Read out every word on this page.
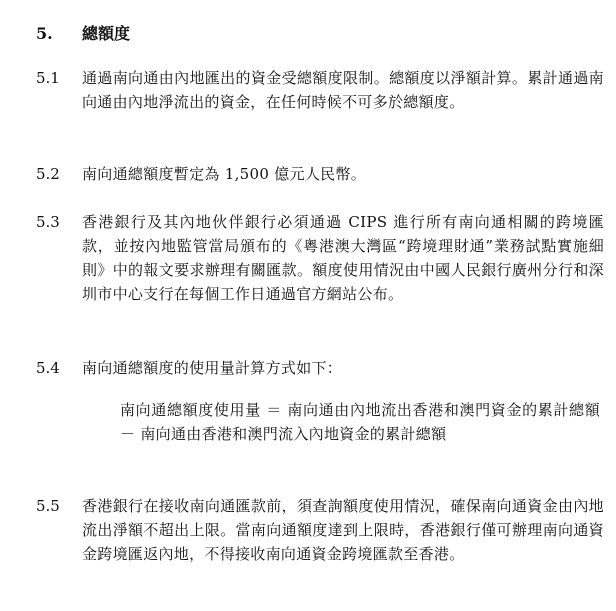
5. 總額度
5.1 通過南向通由內地匯出的資金受總額度限制。總額度以淨額計算。累計通過南向通由內地淨流出的資金，在任何時候不可多於總額度。
5.2 南向通總額度暫定為 1,500 億元人民幣。
5.3 香港銀行及其內地伙伴銀行必須通過 CIPS 進行所有南向通相關的跨境匯款，並按內地監管當局頒布的《粵港澳大灣區“跨境理財通”業務試點實施細則》中的報文要求辦理有關匯款。額度使用情況由中國人民銀行廣州分行和深圳市中心支行在每個工作日通過官方網站公布。
5.4 南向通總額度的使用量計算方式如下：
南向通總額度使用量 ＝ 南向通由內地流出香港和澳門資金的累計總額 － 南向通由香港和澳門流入內地資金的累計總額
5.5 香港銀行在接收南向通匯款前，須查詢額度使用情況，確保南向通資金由內地流出淨額不超出上限。當南向通額度達到上限時，香港銀行僅可辦理南向通資金跨境匯返內地，不得接收南向通資金跨境匯款至香港。
